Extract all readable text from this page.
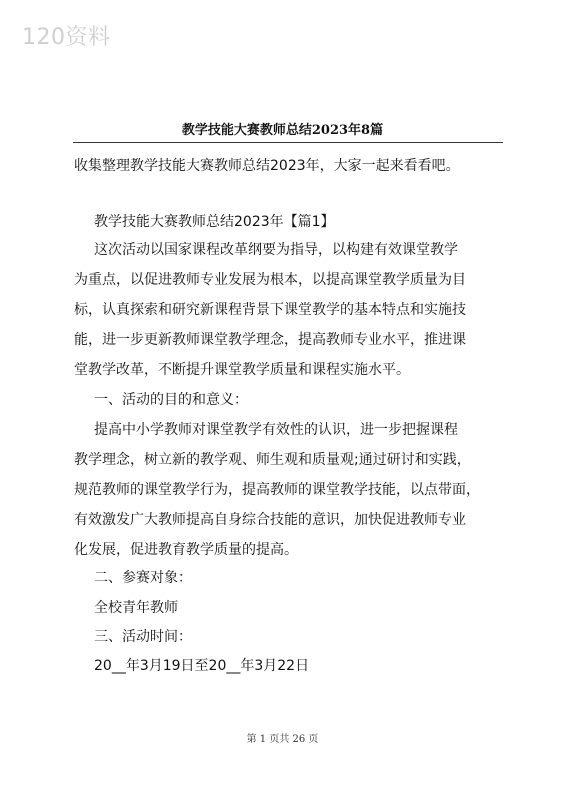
120资料
教学技能大赛教师总结2023年8篇
收集整理教学技能大赛教师总结2023年，大家一起来看看吧。
教学技能大赛教师总结2023年【篇1】
这次活动以国家课程改革纲要为指导，以构建有效课堂教学
为重点，以促进教师专业发展为根本，以提高课堂教学质量为目
标，认真探索和研究新课程背景下课堂教学的基本特点和实施技
能，进一步更新教师课堂教学理念，提高教师专业水平，推进课
堂教学改革，不断提升课堂教学质量和课程实施水平。
一、活动的目的和意义：
提高中小学教师对课堂教学有效性的认识，进一步把握课程
教学理念，树立新的教学观、师生观和质量观;通过研讨和实践，
规范教师的课堂教学行为，提高教师的课堂教学技能，以点带面，
有效激发广大教师提高自身综合技能的意识，加快促进教师专业
化发展，促进教育教学质量的提高。
二、参赛对象：
全校青年教师
三、活动时间：
20__年3月19日至20__年3月22日
第 1 页共 26 页
